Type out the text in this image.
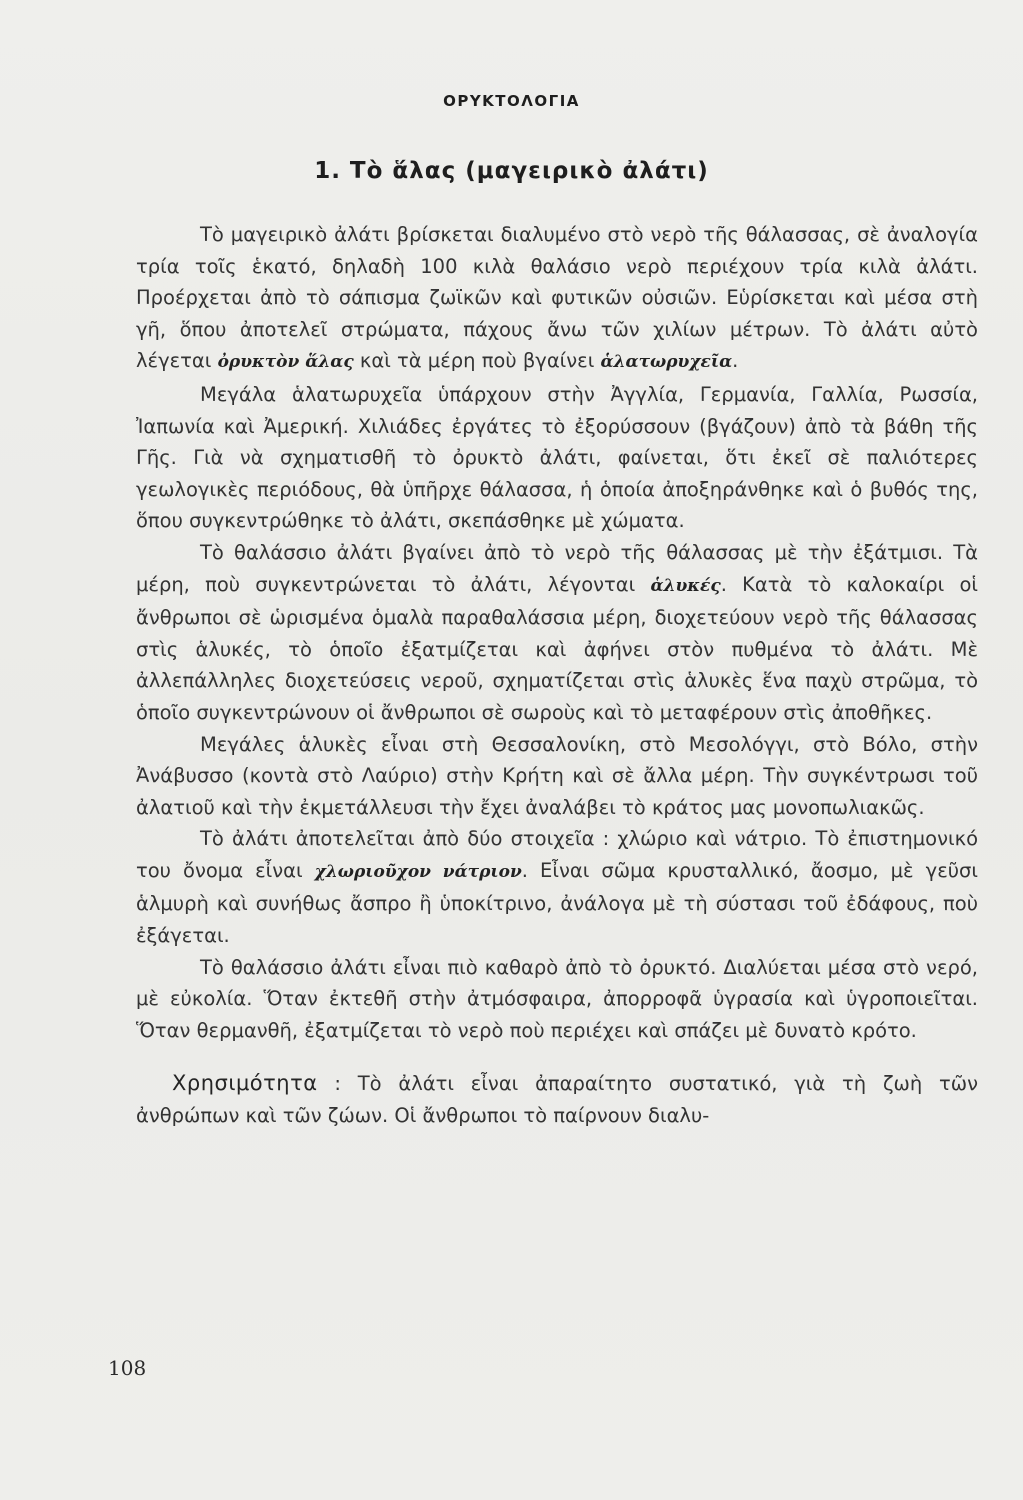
ΟΡΥΚΤΟΛΟΓΙΑ
1. Τὸ ἅλας (μαγειρικὸ ἀλάτι)

Τὸ μαγειρικὸ ἀλάτι βρίσκεται διαλυμένο στὸ νερὸ τῆς θάλασσας, σὲ ἀναλογία τρία τοῖς ἑκατό, δηλαδὴ 100 κιλὰ θαλάσιο νερὸ περιέχουν τρία κιλὰ ἀλάτι. Προέρχεται ἀπὸ τὸ σάπισμα ζωϊκῶν καὶ φυτικῶν οὐσιῶν. Εὑρίσκεται καὶ μέσα στὴ γῆ, ὅπου ἀποτελεῖ στρώματα, πάχους ἄνω τῶν χιλίων μέτρων. Τὸ ἀλάτι αὐτὸ λέγεται ὀρυκτὸν ἅλας καὶ τὰ μέρη ποὺ βγαίνει ἁλατωρυχεῖα.

Μεγάλα ἁλατωρυχεῖα ὑπάρχουν στὴν Ἀγγλία, Γερμανία, Γαλλία, Ρωσσία, Ἰαπωνία καὶ Ἀμερική. Χιλιάδες ἐργάτες τὸ ἐξορύσσουν (βγάζουν) ἀπὸ τὰ βάθη τῆς Γῆς. Γιὰ νὰ σχηματισθῆ τὸ ὀρυκτὸ ἀλάτι, φαίνεται, ὅτι ἐκεῖ σὲ παλιότερες γεωλογικὲς περιόδους, θὰ ὑπῆρχε θάλασσα, ἡ ὁποία ἀποξηράνθηκε καὶ ὁ βυθός της, ὅπου συγκεντρώθηκε τὸ ἀλάτι, σκεπάσθηκε μὲ χώματα.

Τὸ θαλάσσιο ἀλάτι βγαίνει ἀπὸ τὸ νερὸ τῆς θάλασσας μὲ τὴν ἐξάτμισι. Τὰ μέρη, ποὺ συγκεντρώνεται τὸ ἀλάτι, λέγονται ἁλυκές. Κατὰ τὸ καλοκαίρι οἱ ἄνθρωποι σὲ ὡρισμένα ὁμαλὰ παραθαλάσσια μέρη, διοχετεύουν νερὸ τῆς θάλασσας στὶς ἁλυκές, τὸ ὁποῖο ἐξατμίζεται καὶ ἀφήνει στὸν πυθμένα τὸ ἀλάτι. Μὲ ἀλλεπάλληλες διοχετεύσεις νεροῦ, σχηματίζεται στὶς ἁλυκὲς ἕνα παχὺ στρῶμα, τὸ ὁποῖο συγκεντρώνουν οἱ ἄνθρωποι σὲ σωροὺς καὶ τὸ μεταφέρουν στὶς ἀποθῆκες.

Μεγάλες ἁλυκὲς εἶναι στὴ Θεσσαλονίκη, στὸ Μεσολόγγι, στὸ Βόλο, στὴν Ἀνάβυσσο (κοντὰ στὸ Λαύριο) στὴν Κρήτη καὶ σὲ ἄλλα μέρη. Τὴν συγκέντρωσι τοῦ ἀλατιοῦ καὶ τὴν ἐκμετάλλευσι τὴν ἔχει ἀναλάβει τὸ κράτος μας μονοπωλιακῶς.

Τὸ ἀλάτι ἀποτελεῖται ἀπὸ δύο στοιχεῖα : χλώριο καὶ νάτριο. Τὸ ἐπιστημονικό του ὄνομα εἶναι χλωριοῦχον νάτριον. Εἶναι σῶμα κρυσταλλικό, ἄοσμο, μὲ γεῦσι ἁλμυρὴ καὶ συνήθως ἄσπρο ἢ ὑποκίτρινο, ἀνάλογα μὲ τὴ σύστασι τοῦ ἐδάφους, ποὺ ἐξάγεται.

Τὸ θαλάσσιο ἀλάτι εἶναι πιὸ καθαρὸ ἀπὸ τὸ ὀρυκτό. Διαλύεται μέσα στὸ νερό, μὲ εὐκολία. Ὅταν ἐκτεθῆ στὴν ἀτμόσφαιρα, ἀπορροφᾶ ὑγρασία καὶ ὑγροποιεῖται. Ὅταν θερμανθῆ, ἐξατμίζεται τὸ νερὸ ποὺ περιέχει καὶ σπάζει μὲ δυνατὸ κρότο.

Χρησιμότητα : Τὸ ἀλάτι εἶναι ἀπαραίτητο συστατικό, γιὰ τὴ ζωὴ τῶν ἀνθρώπων καὶ τῶν ζώων. Οἱ ἄνθρωποι τὸ παίρνουν διαλυ-

108
